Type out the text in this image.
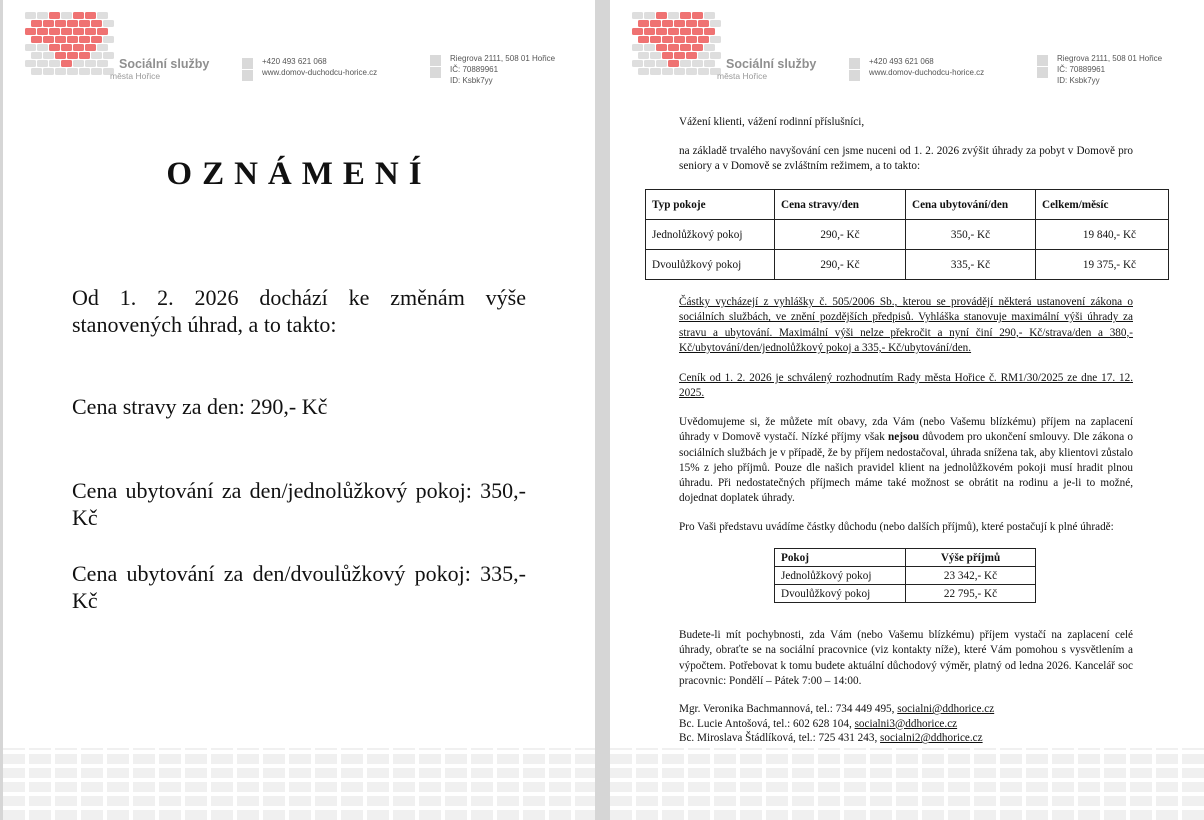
Sociální služby
města Hořice
+420 493 621 068
www.domov-duchodcu-horice.cz
Riegrova 2111, 508 01 Hořice
IČ: 70889961
ID: Ksbk7yy
OZNÁMENÍ
Od 1. 2. 2026 dochází ke změnám výše stanovených úhrad, a to takto:
Cena stravy za den: 290,- Kč
Cena ubytování za den/jednolůžkový pokoj: 350,-Kč
Cena ubytování za den/dvoulůžkový pokoj: 335,-Kč
Sociální služby
města Hořice
+420 493 621 068
www.domov-duchodcu-horice.cz
Riegrova 2111, 508 01 Hořice
IČ: 70889961
ID: Ksbk7yy
Vážení klienti, vážení rodinní příslušníci,
na základě trvalého navyšování cen jsme nuceni od 1. 2. 2026 zvýšit úhrady za pobyt v Domově pro seniory a v Domově se zvláštním režimem, a to takto:
Typ pokoje	Cena stravy/den	Cena ubytování/den	Celkem/měsíc
Jednolůžkový pokoj	290,- Kč	350,- Kč	19 840,- Kč
Dvoulůžkový pokoj	290,- Kč	335,- Kč	19 375,- Kč
Částky vycházejí z vyhlášky č. 505/2006 Sb., kterou se provádějí některá ustanovení zákona o sociálních službách, ve znění pozdějších předpisů. Vyhláška stanovuje maximální výši úhrady za stravu a ubytování. Maximální výši nelze překročit a nyní činí 290,- Kč/strava/den a 380,- Kč/ubytování/den/jednolůžkový pokoj a 335,- Kč/ubytování/den.
Ceník od 1. 2. 2026 je schválený rozhodnutím Rady města Hořice č. RM1/30/2025 ze dne 17. 12. 2025.
Uvědomujeme si, že můžete mít obavy, zda Vám (nebo Vašemu blízkému) příjem na zaplacení úhrady v Domově vystačí. Nízké příjmy však nejsou důvodem pro ukončení smlouvy. Dle zákona o sociálních službách je v případě, že by příjem nedostačoval, úhrada snížena tak, aby klientovi zůstalo 15% z jeho příjmů. Pouze dle našich pravidel klient na jednolůžkovém pokoji musí hradit plnou úhradu. Při nedostatečných příjmech máme také možnost se obrátit na rodinu a je-li to možné, dojednat doplatek úhrady.
Pro Vaši představu uvádíme částky důchodu (nebo dalších příjmů), které postačují k plné úhradě:
Pokoj	Výše příjmů
Jednolůžkový pokoj	23 342,- Kč
Dvoulůžkový pokoj	22 795,- Kč
Budete-li mít pochybnosti, zda Vám (nebo Vašemu blízkému) příjem vystačí na zaplacení celé úhrady, obraťte se na sociální pracovnice (viz kontakty níže), které Vám pomohou s vysvětlením a výpočtem. Potřebovat k tomu budete aktuální důchodový výměr, platný od ledna 2026. Kancelář soc pracovnic: Pondělí – Pátek 7:00 – 14:00.
Mgr. Veronika Bachmannová, tel.: 734 449 495, socialni@ddhorice.cz
Bc. Lucie Antošová, tel.: 602 628 104, socialni3@ddhorice.cz
Bc. Miroslava Štádlíková, tel.: 725 431 243, socialni2@ddhorice.cz
